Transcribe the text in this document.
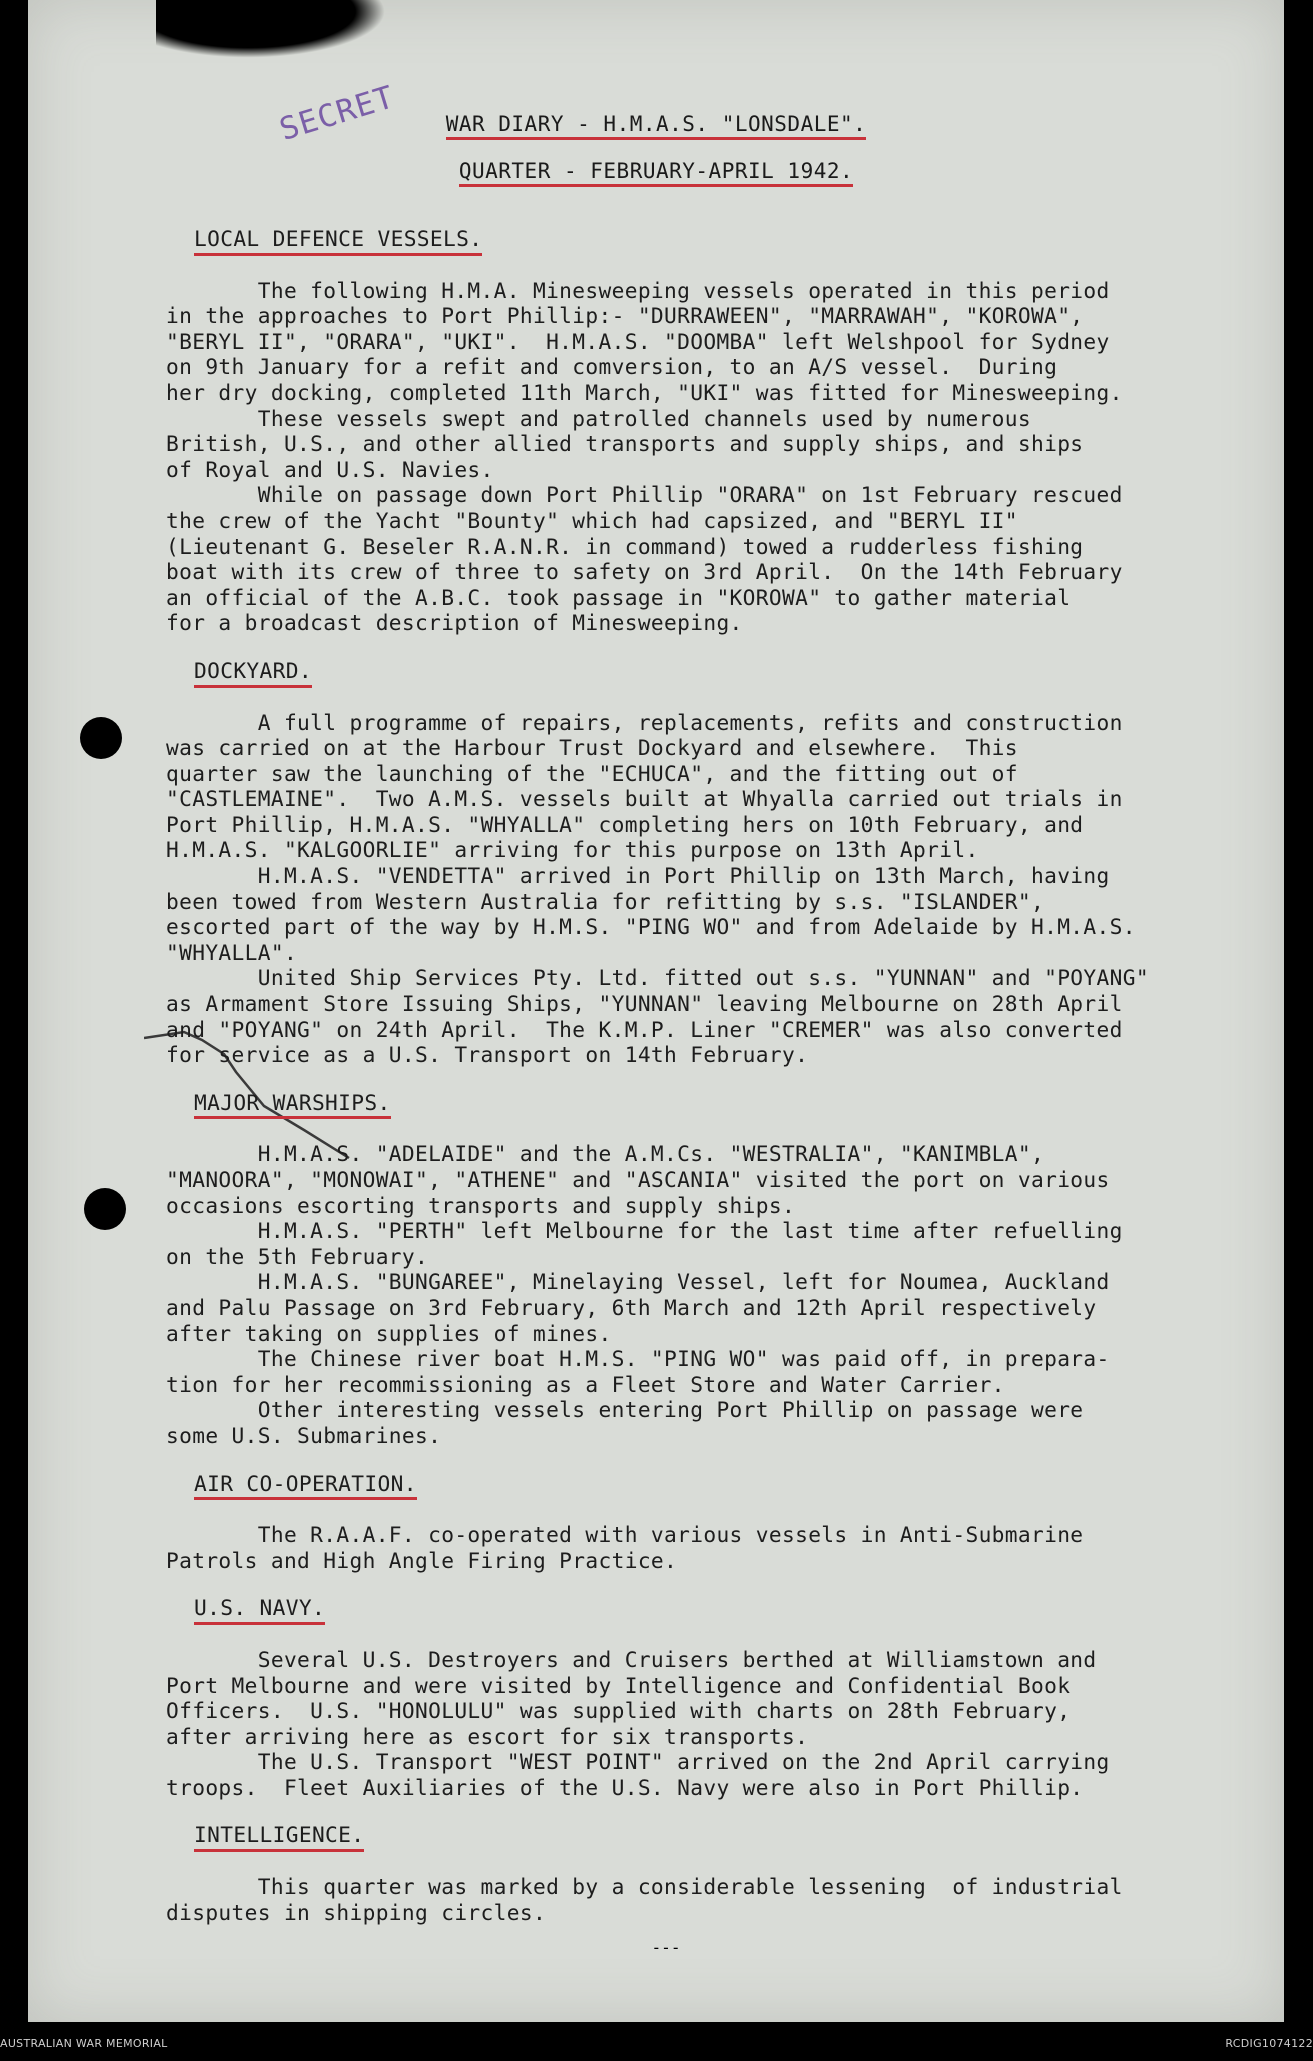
SECRET	WAR DIARY - H.M.A.S. "LONSDALE".
QUARTER - FEBRUARY-APRIL 1942.
LOCAL DEFENCE VESSELS.
The following H.M.A. Minesweeping vessels operated in this period
in the approaches to Port Phillip:- "DURRAWEEN", "MARRAWAH", "KOROWA",
"BERYL II", "ORARA", "UKI".  H.M.A.S. "DOOMBA" left Welshpool for Sydney
on 9th January for a refit and comversion, to an A/S vessel.  During
her dry docking, completed 11th March, "UKI" was fitted for Minesweeping.
These vessels swept and patrolled channels used by numerous
British, U.S., and other allied transports and supply ships, and ships
of Royal and U.S. Navies.
While on passage down Port Phillip "ORARA" on 1st February rescued
the crew of the Yacht "Bounty" which had capsized, and "BERYL II"
(Lieutenant G. Beseler R.A.N.R. in command) towed a rudderless fishing
boat with its crew of three to safety on 3rd April.  On the 14th February
an official of the A.B.C. took passage in "KOROWA" to gather material
for a broadcast description of Minesweeping.
DOCKYARD.
A full programme of repairs, replacements, refits and construction
was carried on at the Harbour Trust Dockyard and elsewhere.  This
quarter saw the launching of the "ECHUCA", and the fitting out of
"CASTLEMAINE".  Two A.M.S. vessels built at Whyalla carried out trials in
Port Phillip, H.M.A.S. "WHYALLA" completing hers on 10th February, and
H.M.A.S. "KALGOORLIE" arriving for this purpose on 13th April.
H.M.A.S. "VENDETTA" arrived in Port Phillip on 13th March, having
been towed from Western Australia for refitting by s.s. "ISLANDER",
escorted part of the way by H.M.S. "PING WO" and from Adelaide by H.M.A.S.
"WHYALLA".
United Ship Services Pty. Ltd. fitted out s.s. "YUNNAN" and "POYANG"
as Armament Store Issuing Ships, "YUNNAN" leaving Melbourne on 28th April
and "POYANG" on 24th April.  The K.M.P. Liner "CREMER" was also converted
for service as a U.S. Transport on 14th February.
MAJOR WARSHIPS.
H.M.A.S. "ADELAIDE" and the A.M.Cs. "WESTRALIA", "KANIMBLA",
"MANOORA", "MONOWAI", "ATHENE" and "ASCANIA" visited the port on various
occasions escorting transports and supply ships.
H.M.A.S. "PERTH" left Melbourne for the last time after refuelling
on the 5th February.
H.M.A.S. "BUNGAREE", Minelaying Vessel, left for Noumea, Auckland
and Palu Passage on 3rd February, 6th March and 12th April respectively
after taking on supplies of mines.
The Chinese river boat H.M.S. "PING WO" was paid off, in prepara-
tion for her recommissioning as a Fleet Store and Water Carrier.
Other interesting vessels entering Port Phillip on passage were
some U.S. Submarines.
AIR CO-OPERATION.
The R.A.A.F. co-operated with various vessels in Anti-Submarine
Patrols and High Angle Firing Practice.
U.S. NAVY.
Several U.S. Destroyers and Cruisers berthed at Williamstown and
Port Melbourne and were visited by Intelligence and Confidential Book
Officers.  U.S. "HONOLULU" was supplied with charts on 28th February,
after arriving here as escort for six transports.
The U.S. Transport "WEST POINT" arrived on the 2nd April carrying
troops.  Fleet Auxiliaries of the U.S. Navy were also in Port Phillip.
INTELLIGENCE.
This quarter was marked by a considerable lessening  of industrial
disputes in shipping circles.
---
AUSTRALIAN WAR MEMORIAL	RCDIG1074122
